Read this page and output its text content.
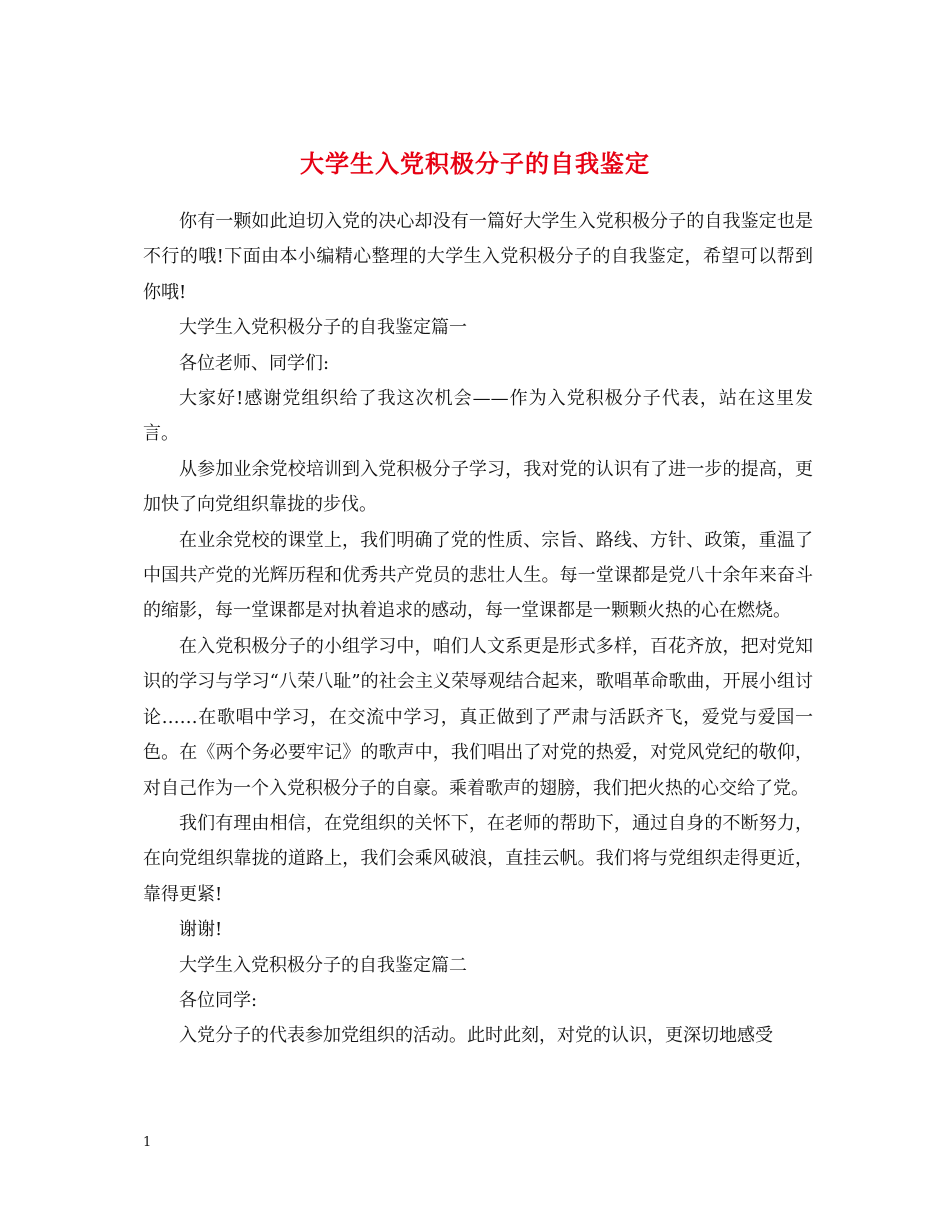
大学生入党积极分子的自我鉴定

你有一颗如此迫切入党的决心却没有一篇好大学生入党积极分子的自我鉴定也是不行的哦!下面由本小编精心整理的大学生入党积极分子的自我鉴定，希望可以帮到你哦!

大学生入党积极分子的自我鉴定篇一

各位老师、同学们:

大家好!感谢党组织给了我这次机会——作为入党积极分子代表，站在这里发言。

从参加业余党校培训到入党积极分子学习，我对党的认识有了进一步的提高，更加快了向党组织靠拢的步伐。

在业余党校的课堂上，我们明确了党的性质、宗旨、路线、方针、政策，重温了中国共产党的光辉历程和优秀共产党员的悲壮人生。每一堂课都是党八十余年来奋斗的缩影，每一堂课都是对执着追求的感动，每一堂课都是一颗颗火热的心在燃烧。

在入党积极分子的小组学习中，咱们人文系更是形式多样，百花齐放，把对党知识的学习与学习“八荣八耻”的社会主义荣辱观结合起来，歌唱革命歌曲，开展小组讨论……在歌唱中学习，在交流中学习，真正做到了严肃与活跃齐飞，爱党与爱国一色。在《两个务必要牢记》的歌声中，我们唱出了对党的热爱，对党风党纪的敬仰，对自己作为一个入党积极分子的自豪。乘着歌声的翅膀，我们把火热的心交给了党。

我们有理由相信，在党组织的关怀下，在老师的帮助下，通过自身的不断努力，在向党组织靠拢的道路上，我们会乘风破浪，直挂云帆。我们将与党组织走得更近，靠得更紧!

谢谢!

大学生入党积极分子的自我鉴定篇二

各位同学:

入党分子的代表参加党组织的活动。此时此刻，对党的认识，更深切地感受

1
